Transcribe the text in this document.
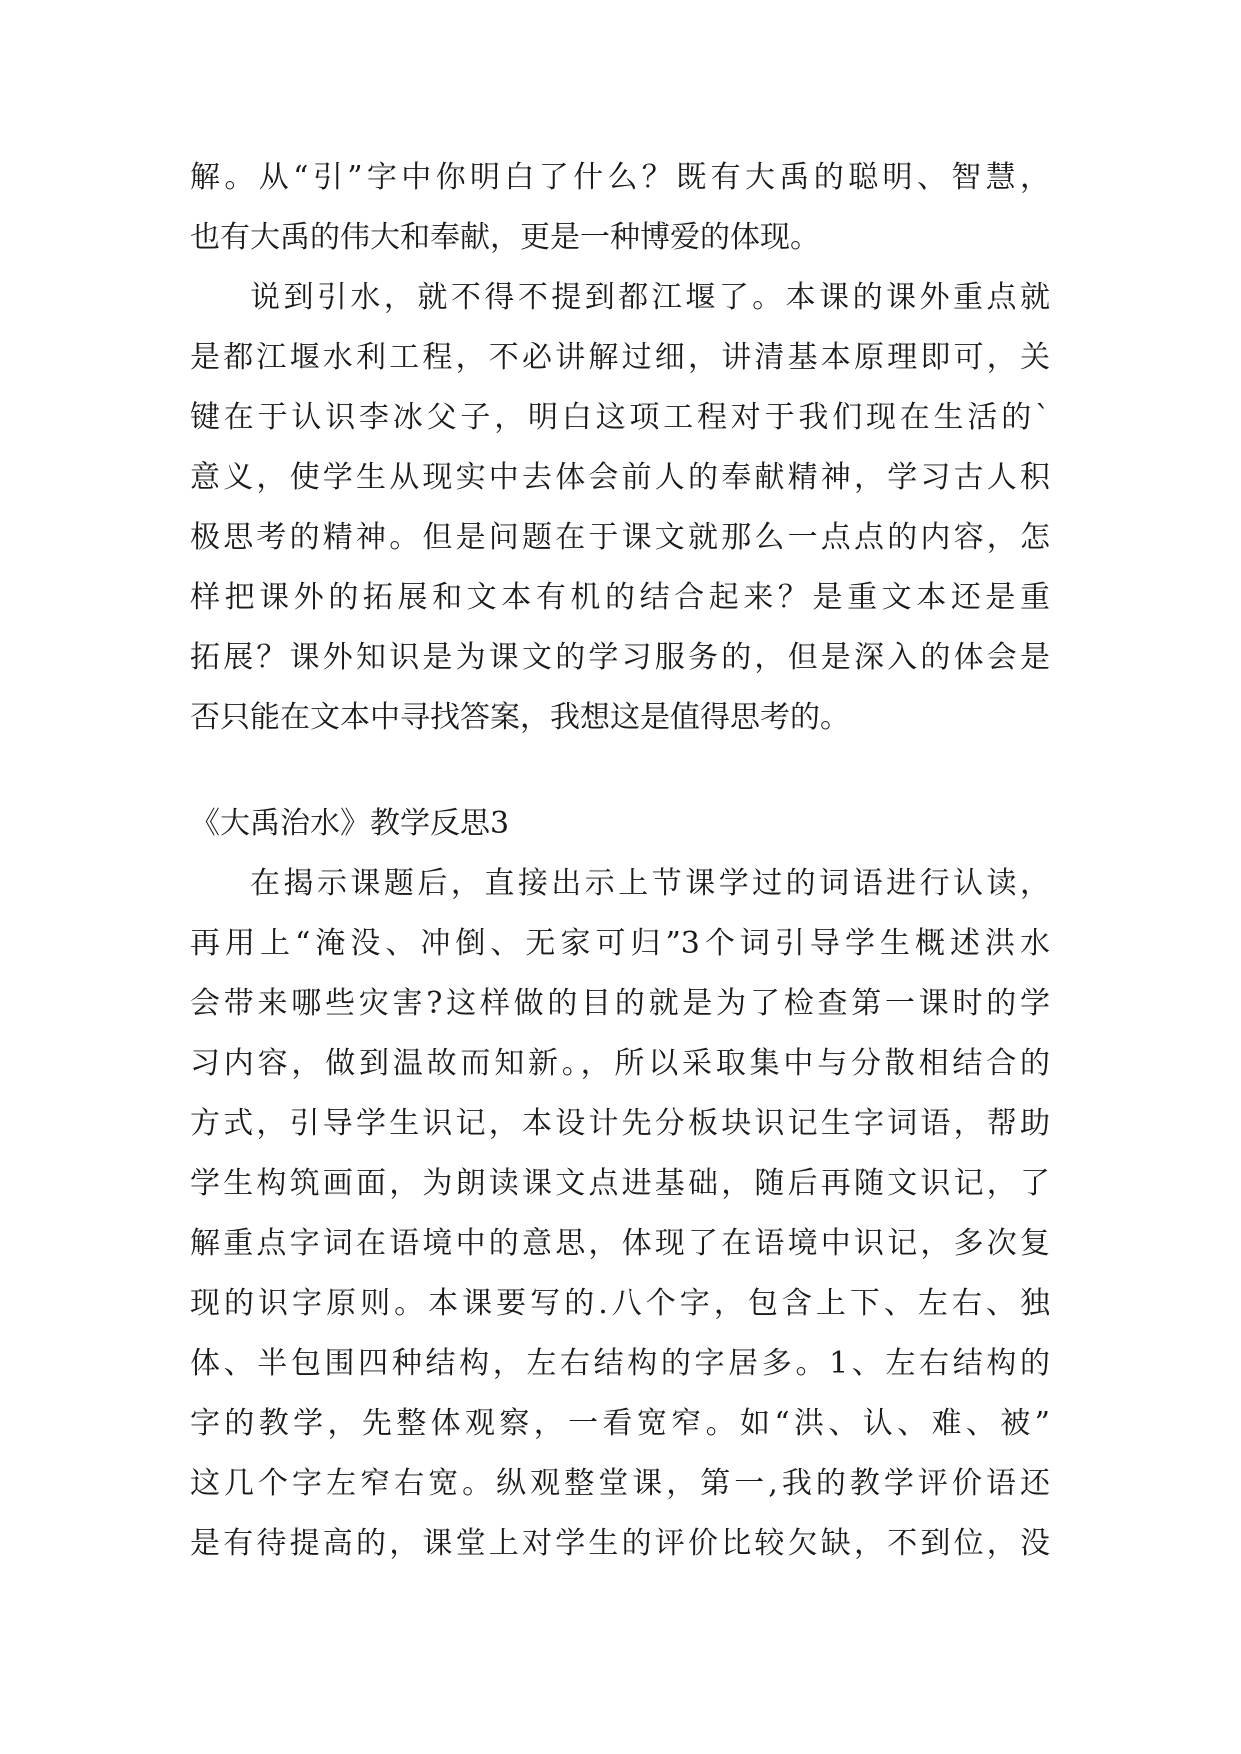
解。从“引”字中你明白了什么？既有大禹的聪明、智慧，
也有大禹的伟大和奉献，更是一种博爱的体现。
说到引水，就不得不提到都江堰了。本课的课外重点就
是都江堰水利工程，不必讲解过细，讲清基本原理即可，关
键在于认识李冰父子，明白这项工程对于我们现在生活的`
意义，使学生从现实中去体会前人的奉献精神，学习古人积
极思考的精神。但是问题在于课文就那么一点点的内容，怎
样把课外的拓展和文本有机的结合起来？是重文本还是重
拓展？课外知识是为课文的学习服务的，但是深入的体会是
否只能在文本中寻找答案，我想这是值得思考的。
《大禹治水》教学反思3
在揭示课题后，直接出示上节课学过的词语进行认读，
再用上“淹没、冲倒、无家可归”3个词引导学生概述洪水
会带来哪些灾害?这样做的目的就是为了检查第一课时的学
习内容，做到温故而知新。，所以采取集中与分散相结合的
方式，引导学生识记，本设计先分板块识记生字词语，帮助
学生构筑画面，为朗读课文点进基础，随后再随文识记，了
解重点字词在语境中的意思，体现了在语境中识记，多次复
现的识字原则。本课要写的.八个字，包含上下、左右、独
体、半包围四种结构，左右结构的字居多。1、左右结构的
字的教学，先整体观察，一看宽窄。如“洪、认、难、被”
这几个字左窄右宽。纵观整堂课，第一,我的教学评价语还
是有待提高的，课堂上对学生的评价比较欠缺，不到位，没
